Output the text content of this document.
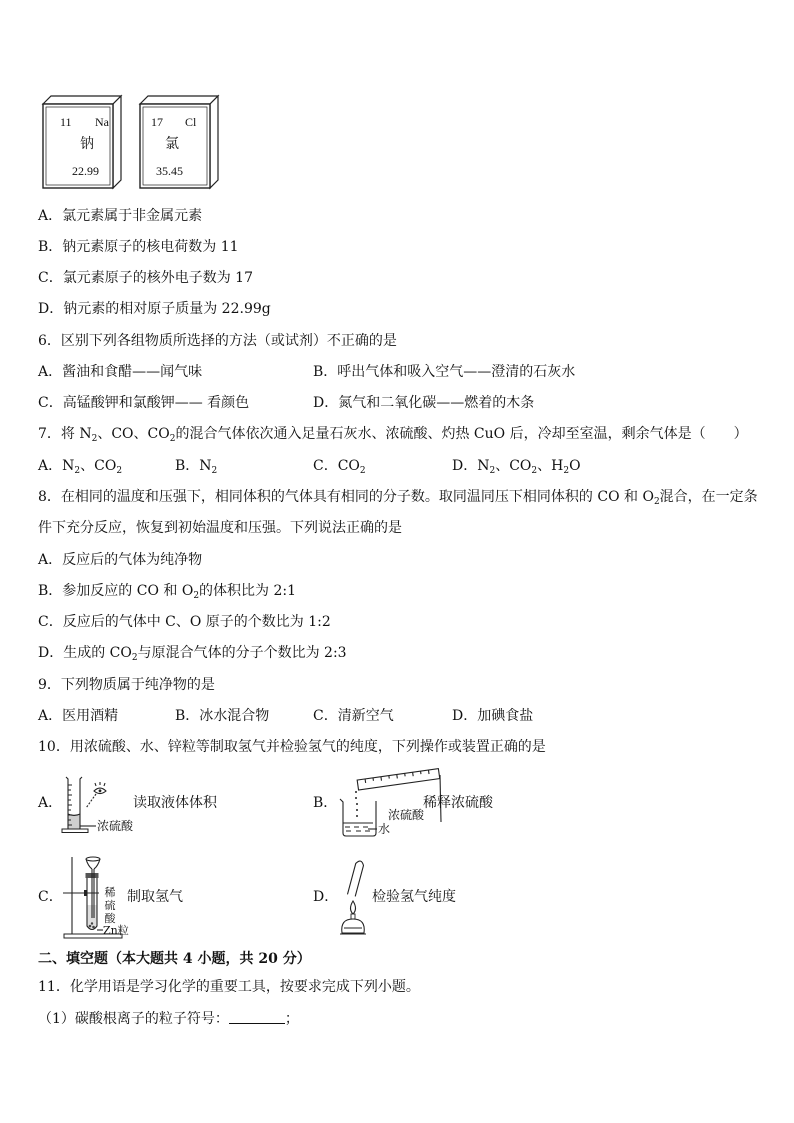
11 Na
钠
22.99
17 Cl
氯
35.45
A．氯元素属于非金属元素
B．钠元素原子的核电荷数为 11
C．氯元素原子的核外电子数为 17
D．钠元素的相对原子质量为 22.99g
6．区别下列各组物质所选择的方法（或试剂）不正确的是
A．酱油和食醋——闻气味	B．呼出气体和吸入空气——澄清的石灰水
C．高锰酸钾和氯酸钾—— 看颜色	D．氮气和二氧化碳——燃着的木条
7．将 $N_2$、CO、$CO_2$的混合气体依次通入足量石灰水、浓硫酸、灼热 CuO 后，冷却至室温，剩余气体是（　　）
A．$N_2$、$CO_2$	B．$N_2$	C．$CO_2$	D．$N_2$、$CO_2$、$H_2O$
8．在相同的温度和压强下，相同体积的气体具有相同的分子数。取同温同压下相同体积的 CO 和 $O_2$混合，在一定条
件下充分反应，恢复到初始温度和压强。下列说法正确的是
A．反应后的气体为纯净物
B．参加反应的 CO 和 $O_2$的体积比为 2:1
C．反应后的气体中 C、O 原子的个数比为 1:2
D．生成的 $CO_2$与原混合气体的分子个数比为 2:3
9．下列物质属于纯净物的是
A．医用酒精	B．冰水混合物	C．清新空气	D．加碘食盐
10．用浓硫酸、水、锌粒等制取氢气并检验氢气的纯度，下列操作或装置正确的是
A．
浓硫酸
读取液体体积	B．
浓硫酸
水
稀释浓硫酸
C．	稀硫酸
Zn粒
制取氢气	D． 检验氢气纯度
二、填空题（本大题共 4 小题，共 20 分）
11．化学用语是学习化学的重要工具，按要求完成下列小题。
（1）碳酸根离子的粒子符号：	；
